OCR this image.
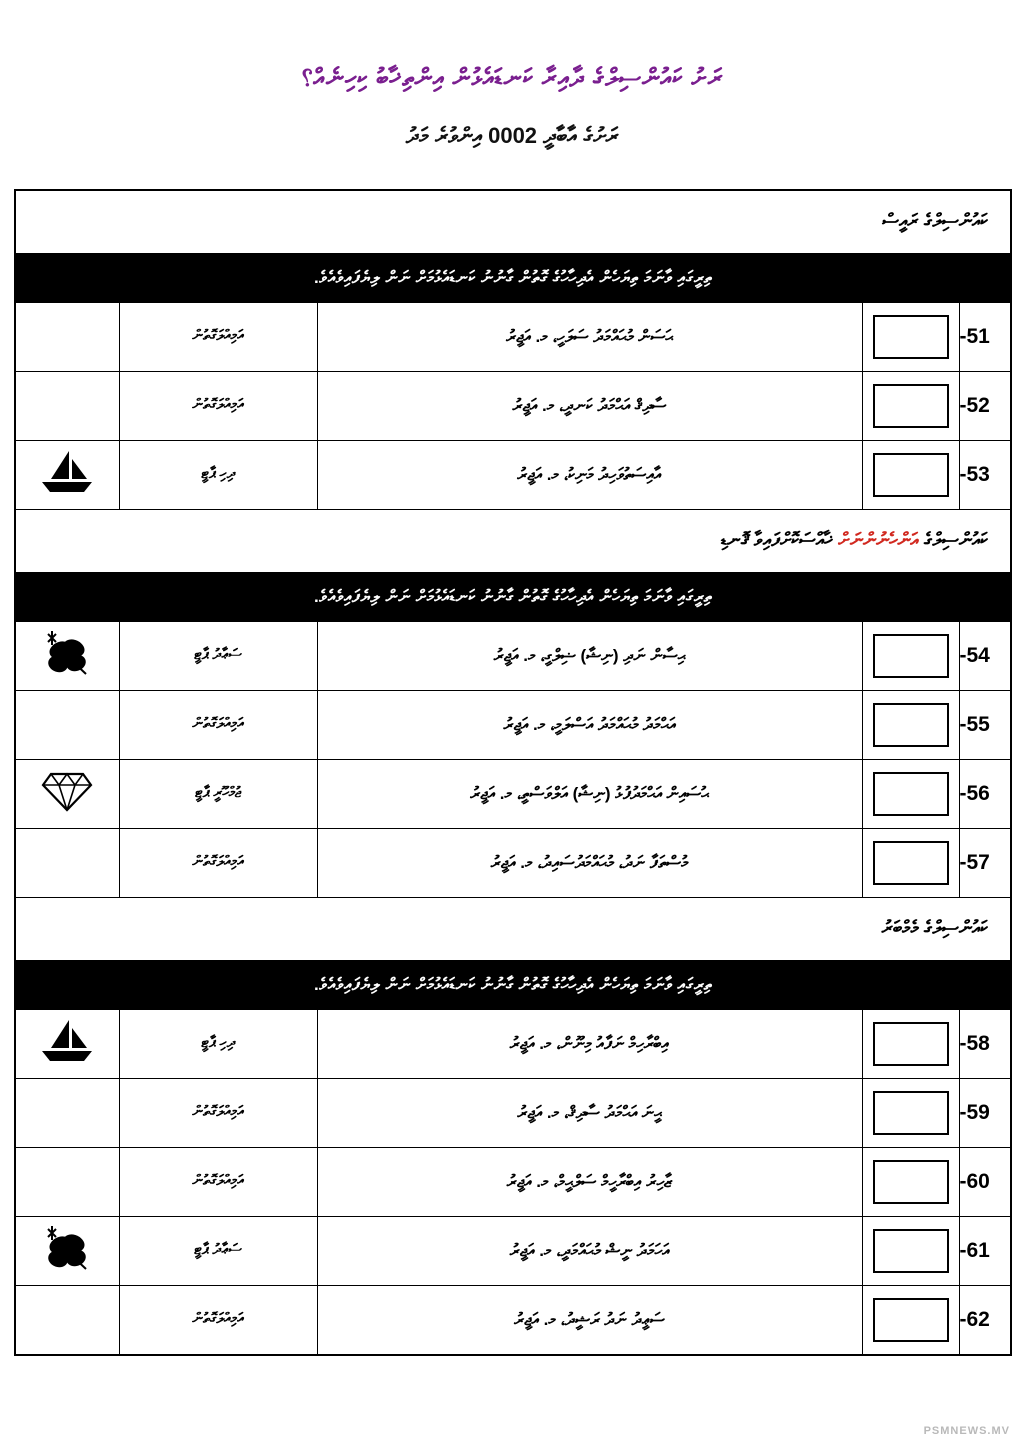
ރަށު ކައުންސިލްގެ ދާއިރާ ކަނޑައެޅުން އިންތިޚާބު ކިހިނެއް؟
ރަށުގެ އާބާދީ 2000 އިންވުރެ މަދު
ކައުންސިލްގެ ރައީސް				
ތިރީގައި ވާނަމަ ތިޔަހެން އެދިހާހުގެ ގޮތުން ގާނުނު ކަނޑައެޅުމަށް ނަން ލިޔެފައިވެއެވެ.				
	އަމިއްލަގޮތުން	ޙަސަން މުޙައްމަދު ސަލަހީ، މ. އަޖީރު		-51
	އަމިއްލަގޮތުން	ސާދިޤް އަޙްމަދު ކަނދީ، މ. އަޖީރު		-52
	ދިހި ޕާޓީ	އާއިސަތުވަހިދު މަނިކު، މ. އަޖީރު		-53
ކައުންސިލްގެ އަންހެނުންނަށް ޚާއްސަކޮށްފައިވާ ޤޮނޑި				
ތިރީގައި ވާނަމަ ތިޔަހެން އެދިހާހުގެ ގޮތުން ގާނުނު ކަނޑައެޅުމަށް ނަން ލިޔެފައިވެއެވެ.				
	ސަޢާދު ޕާޓީ	ޙިސާން ނަދި (ނިޝާ) ޟިލްގީ، މ. އަޖީރު		-54
	އަމިއްލަގޮތުން	އަޙްމަދު މުޙައްމަދު އަސްލަމީ، މ. އަޖީރު		-55
	ޖުމްހޫރީ ޕާޓީ	ޙުސައިން އަޙްމަދުފުޅު (ނިޝާ) އަލްވަސްތީ، މ. އަޖީރު		-56
	އަމިއްލަގޮތުން	މުސްތަފާ ނަދު، މުޙައްމަދުސައިދު، މ. އަޖީރު		-57
ކައުންސިލްގެ މެމްބަރު				
ތިރީގައި ވާނަމަ ތިޔަހެން އެދިހާހުގެ ގޮތުން ގާނުނު ކަނޑައެޅުމަށް ނަން ލިޔެފައިވެއެވެ.				
	ދިހި ޕާޓީ	އިބްރާހިމް ނަފާއު މިނޫން، މ. އަޖީރު		-58
	އަމިއްލަގޮތުން	ޙީނަ އަޙްމަދު ސާދިޤް، މ. އަޖީރު		-59
	އަމިއްލަގޮތުން	ޒާހިރު އިބްރާހީމް ސަލްޙީމް، މ. އަޖީރު		-60
	ސަޢާދު ޕާޓީ	އަހަމަދު ނީޝް މުޙައްމަދީ، މ. އަޖީރު		-61
	އަމިއްލަގޮތުން	ސަޢީދު ނަދު ރަޝީދު، މ. އަޖީރު		-62
PSMNEWS.MV
